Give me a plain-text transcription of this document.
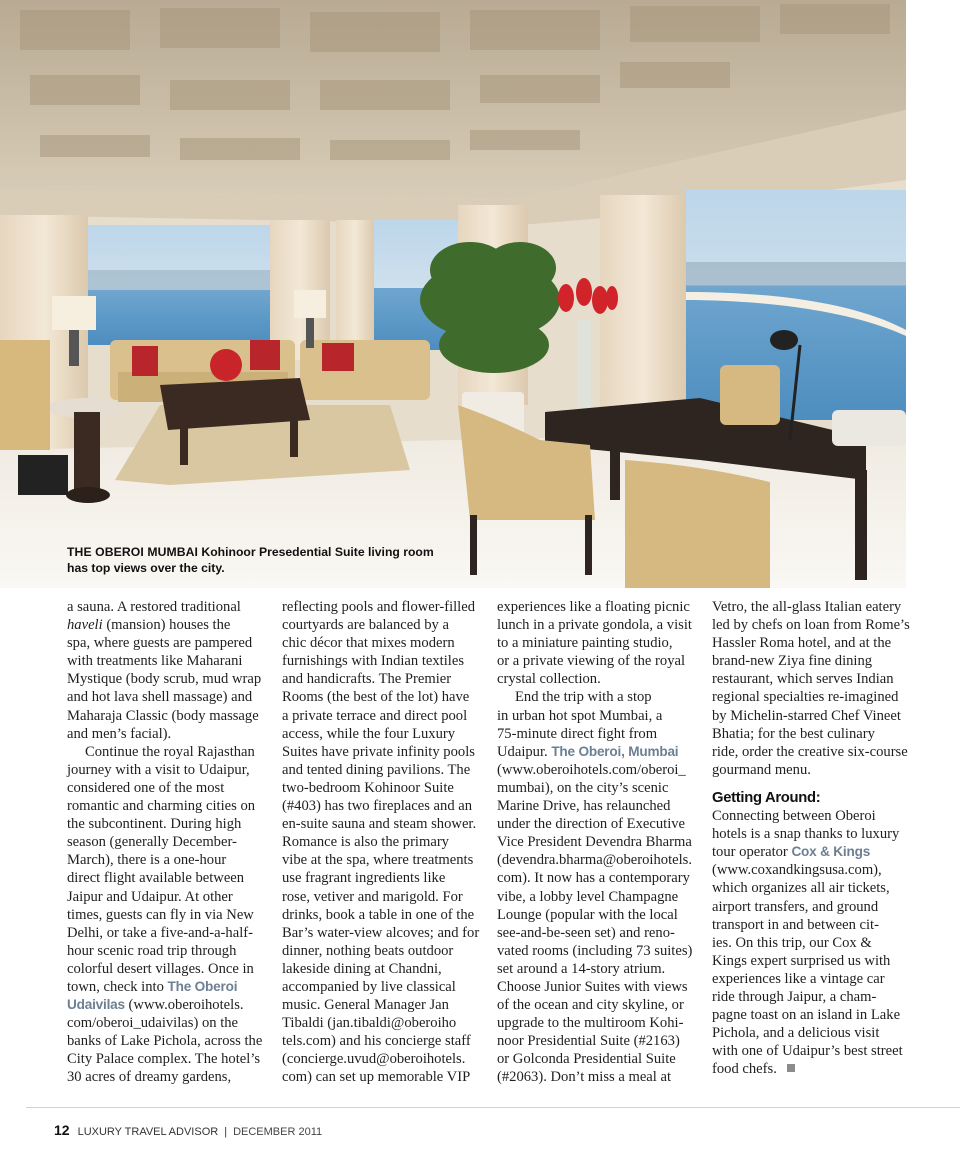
THE OBEROI MUMBAI Kohinoor Presedential Suite living room
has top views over the city.

a sauna. A restored traditional
haveli (mansion) houses the
spa, where guests are pampered
with treatments like Maharani
Mystique (body scrub, mud wrap
and hot lava shell massage) and
Maharaja Classic (body massage
and men’s facial).

Continue the royal Rajasthan
journey with a visit to Udaipur,
considered one of the most
romantic and charming cities on
the subcontinent. During high
season (generally December-
March), there is a one-hour
direct flight available between
Jaipur and Udaipur. At other
times, guests can fly in via New
Delhi, or take a five-and-a-half-
hour scenic road trip through
colorful desert villages. Once in
town, check into The Oberoi
Udaivilas (www.oberoihotels.
com/oberoi_udaivilas) on the
banks of Lake Pichola, across the
City Palace complex. The hotel’s
30 acres of dreamy gardens,

reflecting pools and flower-filled
courtyards are balanced by a
chic décor that mixes modern
furnishings with Indian textiles
and handicrafts. The Premier
Rooms (the best of the lot) have
a private terrace and direct pool
access, while the four Luxury
Suites have private infinity pools
and tented dining pavilions. The
two-bedroom Kohinoor Suite
(#403) has two fireplaces and an
en-suite sauna and steam shower.
Romance is also the primary
vibe at the spa, where treatments
use fragrant ingredients like
rose, vetiver and marigold. For
drinks, book a table in one of the
Bar’s water-view alcoves; and for
dinner, nothing beats outdoor
lakeside dining at Chandni,
accompanied by live classical
music. General Manager Jan
Tibaldi (jan.tibaldi@oberoiho
tels.com) and his concierge staff
(concierge.uvud@oberoihotels.
com) can set up memorable VIP

experiences like a floating picnic
lunch in a private gondola, a visit
to a miniature painting studio,
or a private viewing of the royal
crystal collection.

End the trip with a stop
in urban hot spot Mumbai, a
75-minute direct fight from
Udaipur. The Oberoi, Mumbai
(www.oberoihotels.com/oberoi_
mumbai), on the city’s scenic
Marine Drive, has relaunched
under the direction of Executive
Vice President Devendra Bharma
(devendra.bharma@oberoihotels.
com). It now has a contemporary
vibe, a lobby level Champagne
Lounge (popular with the local
see-and-be-seen set) and reno-
vated rooms (including 73 suites)
set around a 14-story atrium.
Choose Junior Suites with views
of the ocean and city skyline, or
upgrade to the multiroom Kohi-
noor Presidential Suite (#2163)
or Golconda Presidential Suite
(#2063). Don’t miss a meal at

Vetro, the all-glass Italian eatery
led by chefs on loan from Rome’s
Hassler Roma hotel, and at the
brand-new Ziya fine dining
restaurant, which serves Indian
regional specialties re-imagined
by Michelin-starred Chef Vineet
Bhatia; for the best culinary
ride, order the creative six-course
gourmand menu.

Getting Around:

Connecting between Oberoi
hotels is a snap thanks to luxury
tour operator Cox & Kings
(www.coxandkingsusa.com),
which organizes all air tickets,
airport transfers, and ground
transport in and between cit-
ies. On this trip, our Cox &
Kings expert surprised us with
experiences like a vintage car
ride through Jaipur, a cham-
pagne toast on an island in Lake
Pichola, and a delicious visit
with one of Udaipur’s best street
food chefs.

12 LUXURY TRAVEL ADVISOR | DECEMBER 2011
